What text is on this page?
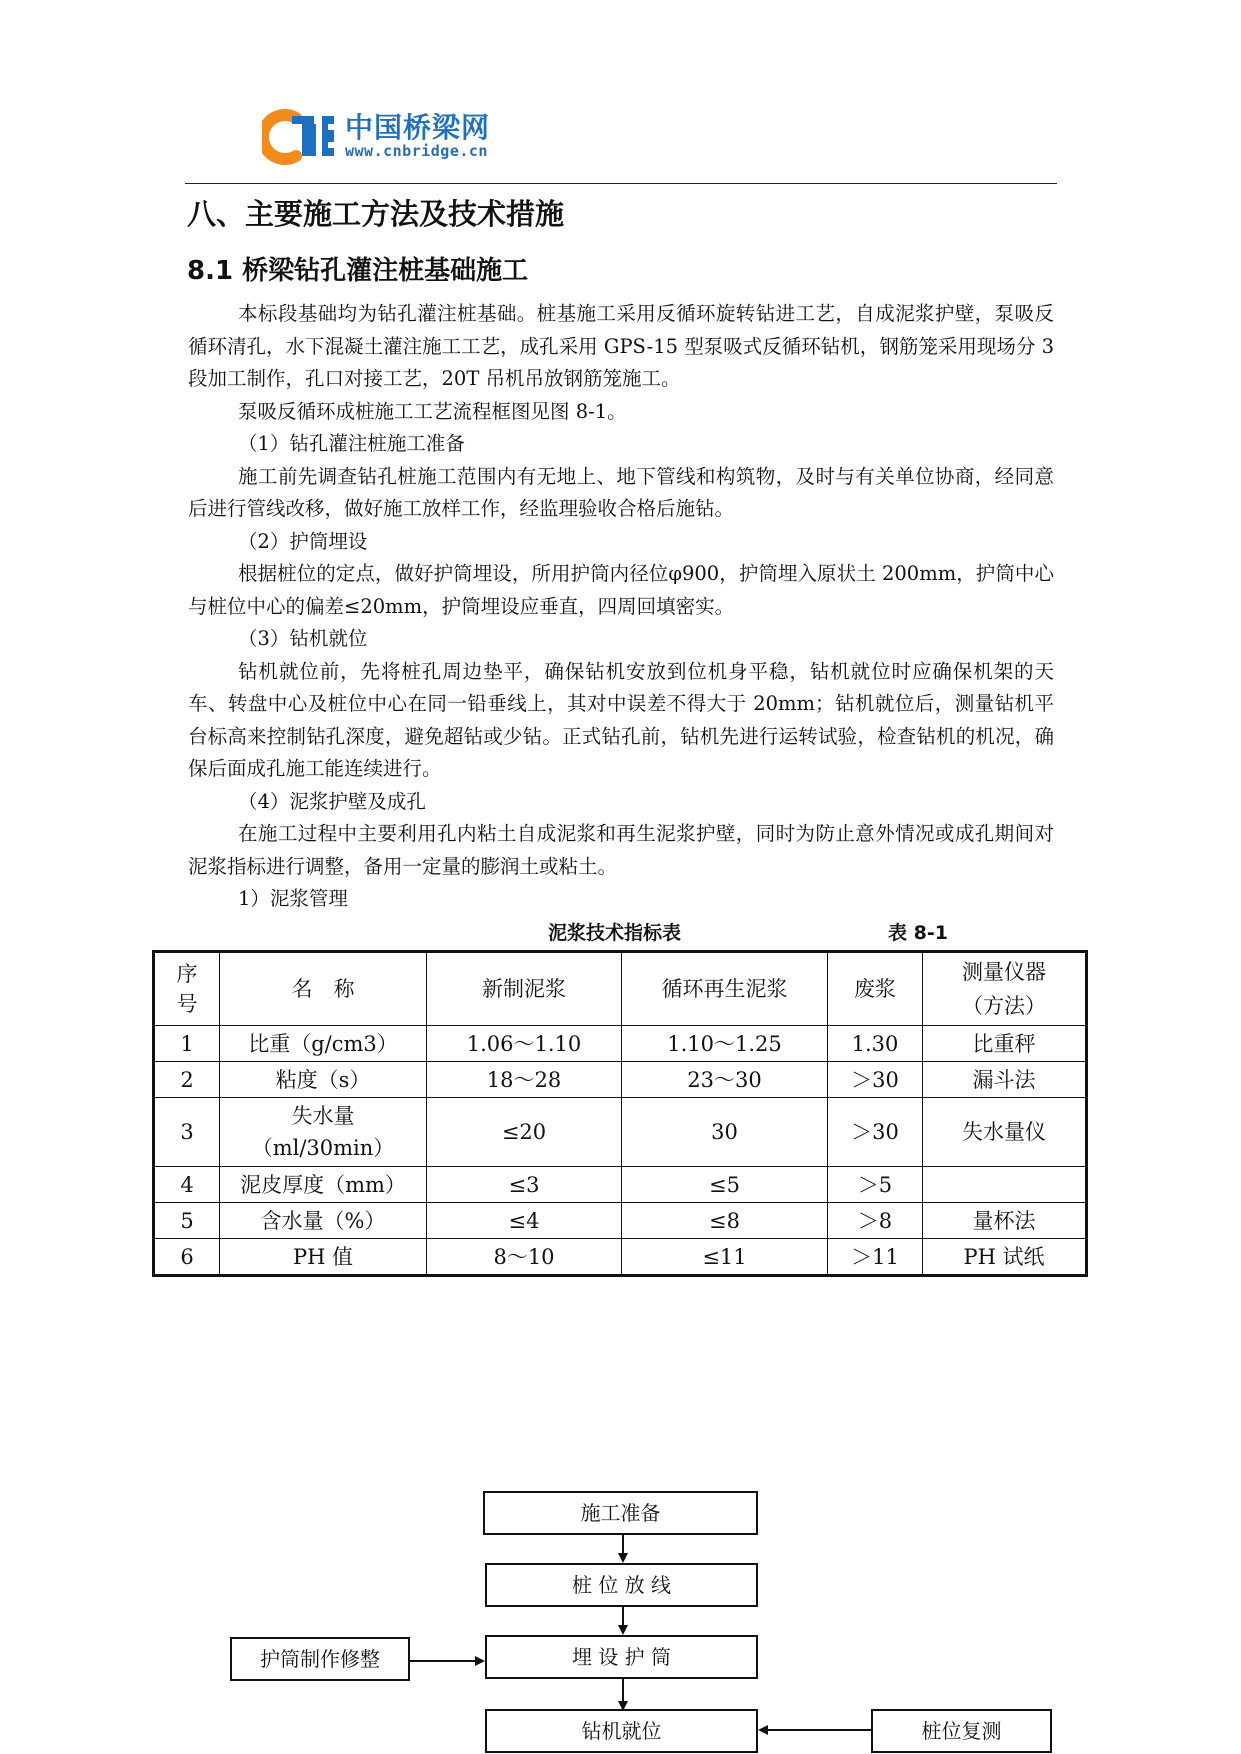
中国桥梁网
www.cnbridge.cn
八、主要施工方法及技术措施
8.1 桥梁钻孔灌注桩基础施工

本标段基础均为钻孔灌注桩基础。桩基施工采用反循环旋转钻进工艺，自成泥浆护壁，泵吸反循环清孔，水下混凝土灌注施工工艺，成孔采用 GPS-15 型泵吸式反循环钻机，钢筋笼采用现场分 3 段加工制作，孔口对接工艺，20T 吊机吊放钢筋笼施工。

泵吸反循环成桩施工工艺流程框图见图 8-1。

（1）钻孔灌注桩施工准备

施工前先调查钻孔桩施工范围内有无地上、地下管线和构筑物，及时与有关单位协商，经同意后进行管线改移，做好施工放样工作，经监理验收合格后施钻。

（2）护筒埋设

根据桩位的定点，做好护筒埋设，所用护筒内径位φ900，护筒埋入原状土 200mm，护筒中心与桩位中心的偏差≤20mm，护筒埋设应垂直，四周回填密实。

（3）钻机就位

钻机就位前，先将桩孔周边垫平，确保钻机安放到位机身平稳，钻机就位时应确保机架的天车、转盘中心及桩位中心在同一铅垂线上，其对中误差不得大于 20mm；钻机就位后，测量钻机平台标高来控制钻孔深度，避免超钻或少钻。正式钻孔前，钻机先进行运转试验，检查钻机的机况，确保后面成孔施工能连续进行。

（4）泥浆护壁及成孔

在施工过程中主要利用孔内粘土自成泥浆和再生泥浆护壁，同时为防止意外情况或成孔期间对泥浆指标进行调整，备用一定量的膨润土或粘土。

1）泥浆管理

泥浆技术指标表	表 8-1
序号	名　称	新制泥浆	循环再生泥浆	废浆	测量仪器
（方法）

1	比重（g/cm3）	1.06～1.10	1.10～1.25	1.30	比重秤
2	粘度（s）	18～28	23～30	＞30	漏斗法
3	失水量
（ml/30min）	≤20	30	＞30	失水量仪
4	泥皮厚度（mm）	≤3	≤5	＞5	
5	含水量（%）	≤4	≤8	＞8	量杯法
6	PH 值	8～10	≤11	＞11	PH 试纸
施工准备
桩 位 放 线
埋 设 护 筒
钻机就位
护筒制作修整
桩位复测
